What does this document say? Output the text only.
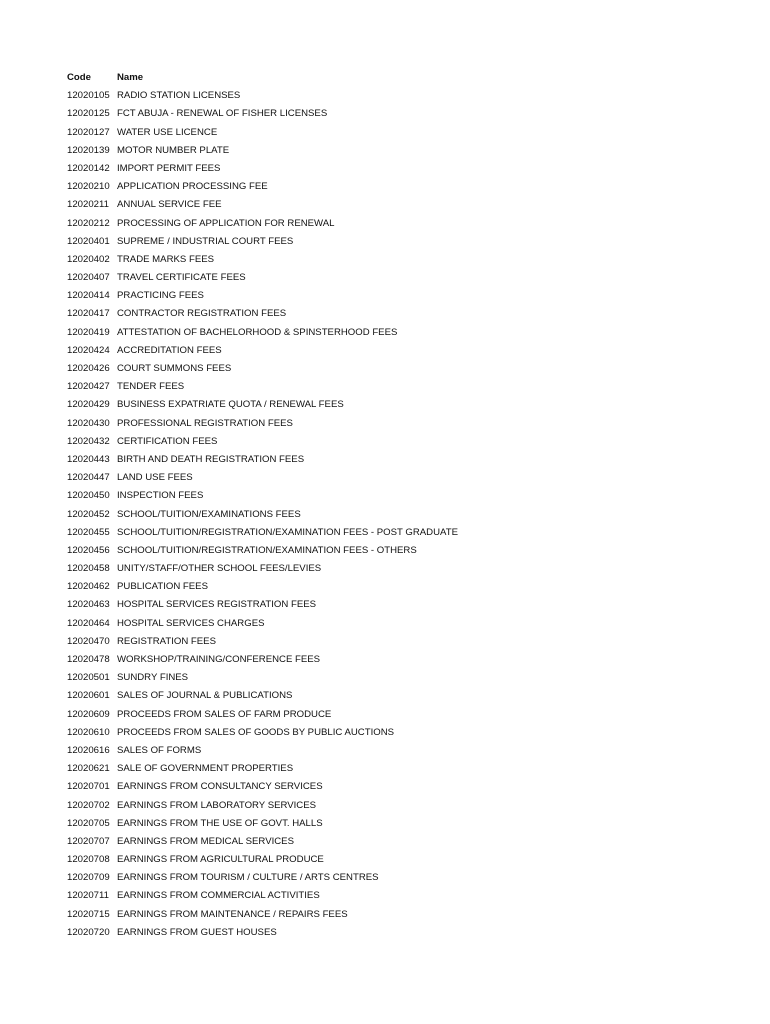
Code	Name
12020105 RADIO STATION LICENSES
12020125 FCT ABUJA - RENEWAL OF FISHER LICENSES
12020127 WATER USE LICENCE
12020139 MOTOR NUMBER PLATE
12020142 IMPORT PERMIT FEES
12020210 APPLICATION PROCESSING FEE
12020211 ANNUAL SERVICE FEE
12020212 PROCESSING OF APPLICATION FOR RENEWAL
12020401 SUPREME / INDUSTRIAL COURT FEES
12020402 TRADE MARKS FEES
12020407 TRAVEL CERTIFICATE FEES
12020414 PRACTICING FEES
12020417 CONTRACTOR REGISTRATION FEES
12020419 ATTESTATION OF BACHELORHOOD & SPINSTERHOOD FEES
12020424 ACCREDITATION FEES
12020426 COURT SUMMONS FEES
12020427 TENDER FEES
12020429 BUSINESS EXPATRIATE QUOTA / RENEWAL FEES
12020430 PROFESSIONAL REGISTRATION FEES
12020432 CERTIFICATION FEES
12020443 BIRTH AND DEATH REGISTRATION FEES
12020447 LAND USE FEES
12020450 INSPECTION FEES
12020452 SCHOOL/TUITION/EXAMINATIONS FEES
12020455 SCHOOL/TUITION/REGISTRATION/EXAMINATION FEES - POST GRADUATE
12020456 SCHOOL/TUITION/REGISTRATION/EXAMINATION FEES - OTHERS
12020458 UNITY/STAFF/OTHER SCHOOL FEES/LEVIES
12020462 PUBLICATION FEES
12020463 HOSPITAL SERVICES REGISTRATION FEES
12020464 HOSPITAL SERVICES CHARGES
12020470 REGISTRATION FEES
12020478 WORKSHOP/TRAINING/CONFERENCE FEES
12020501 SUNDRY FINES
12020601 SALES OF JOURNAL & PUBLICATIONS
12020609 PROCEEDS FROM SALES OF FARM PRODUCE
12020610 PROCEEDS FROM SALES OF GOODS BY PUBLIC AUCTIONS
12020616 SALES OF FORMS
12020621 SALE OF GOVERNMENT PROPERTIES
12020701 EARNINGS FROM CONSULTANCY SERVICES
12020702 EARNINGS FROM LABORATORY SERVICES
12020705 EARNINGS FROM THE USE OF GOVT. HALLS
12020707 EARNINGS FROM MEDICAL SERVICES
12020708 EARNINGS FROM AGRICULTURAL PRODUCE
12020709 EARNINGS FROM TOURISM / CULTURE / ARTS CENTRES
12020711 EARNINGS FROM COMMERCIAL ACTIVITIES
12020715 EARNINGS FROM MAINTENANCE / REPAIRS FEES
12020720 EARNINGS FROM GUEST HOUSES
